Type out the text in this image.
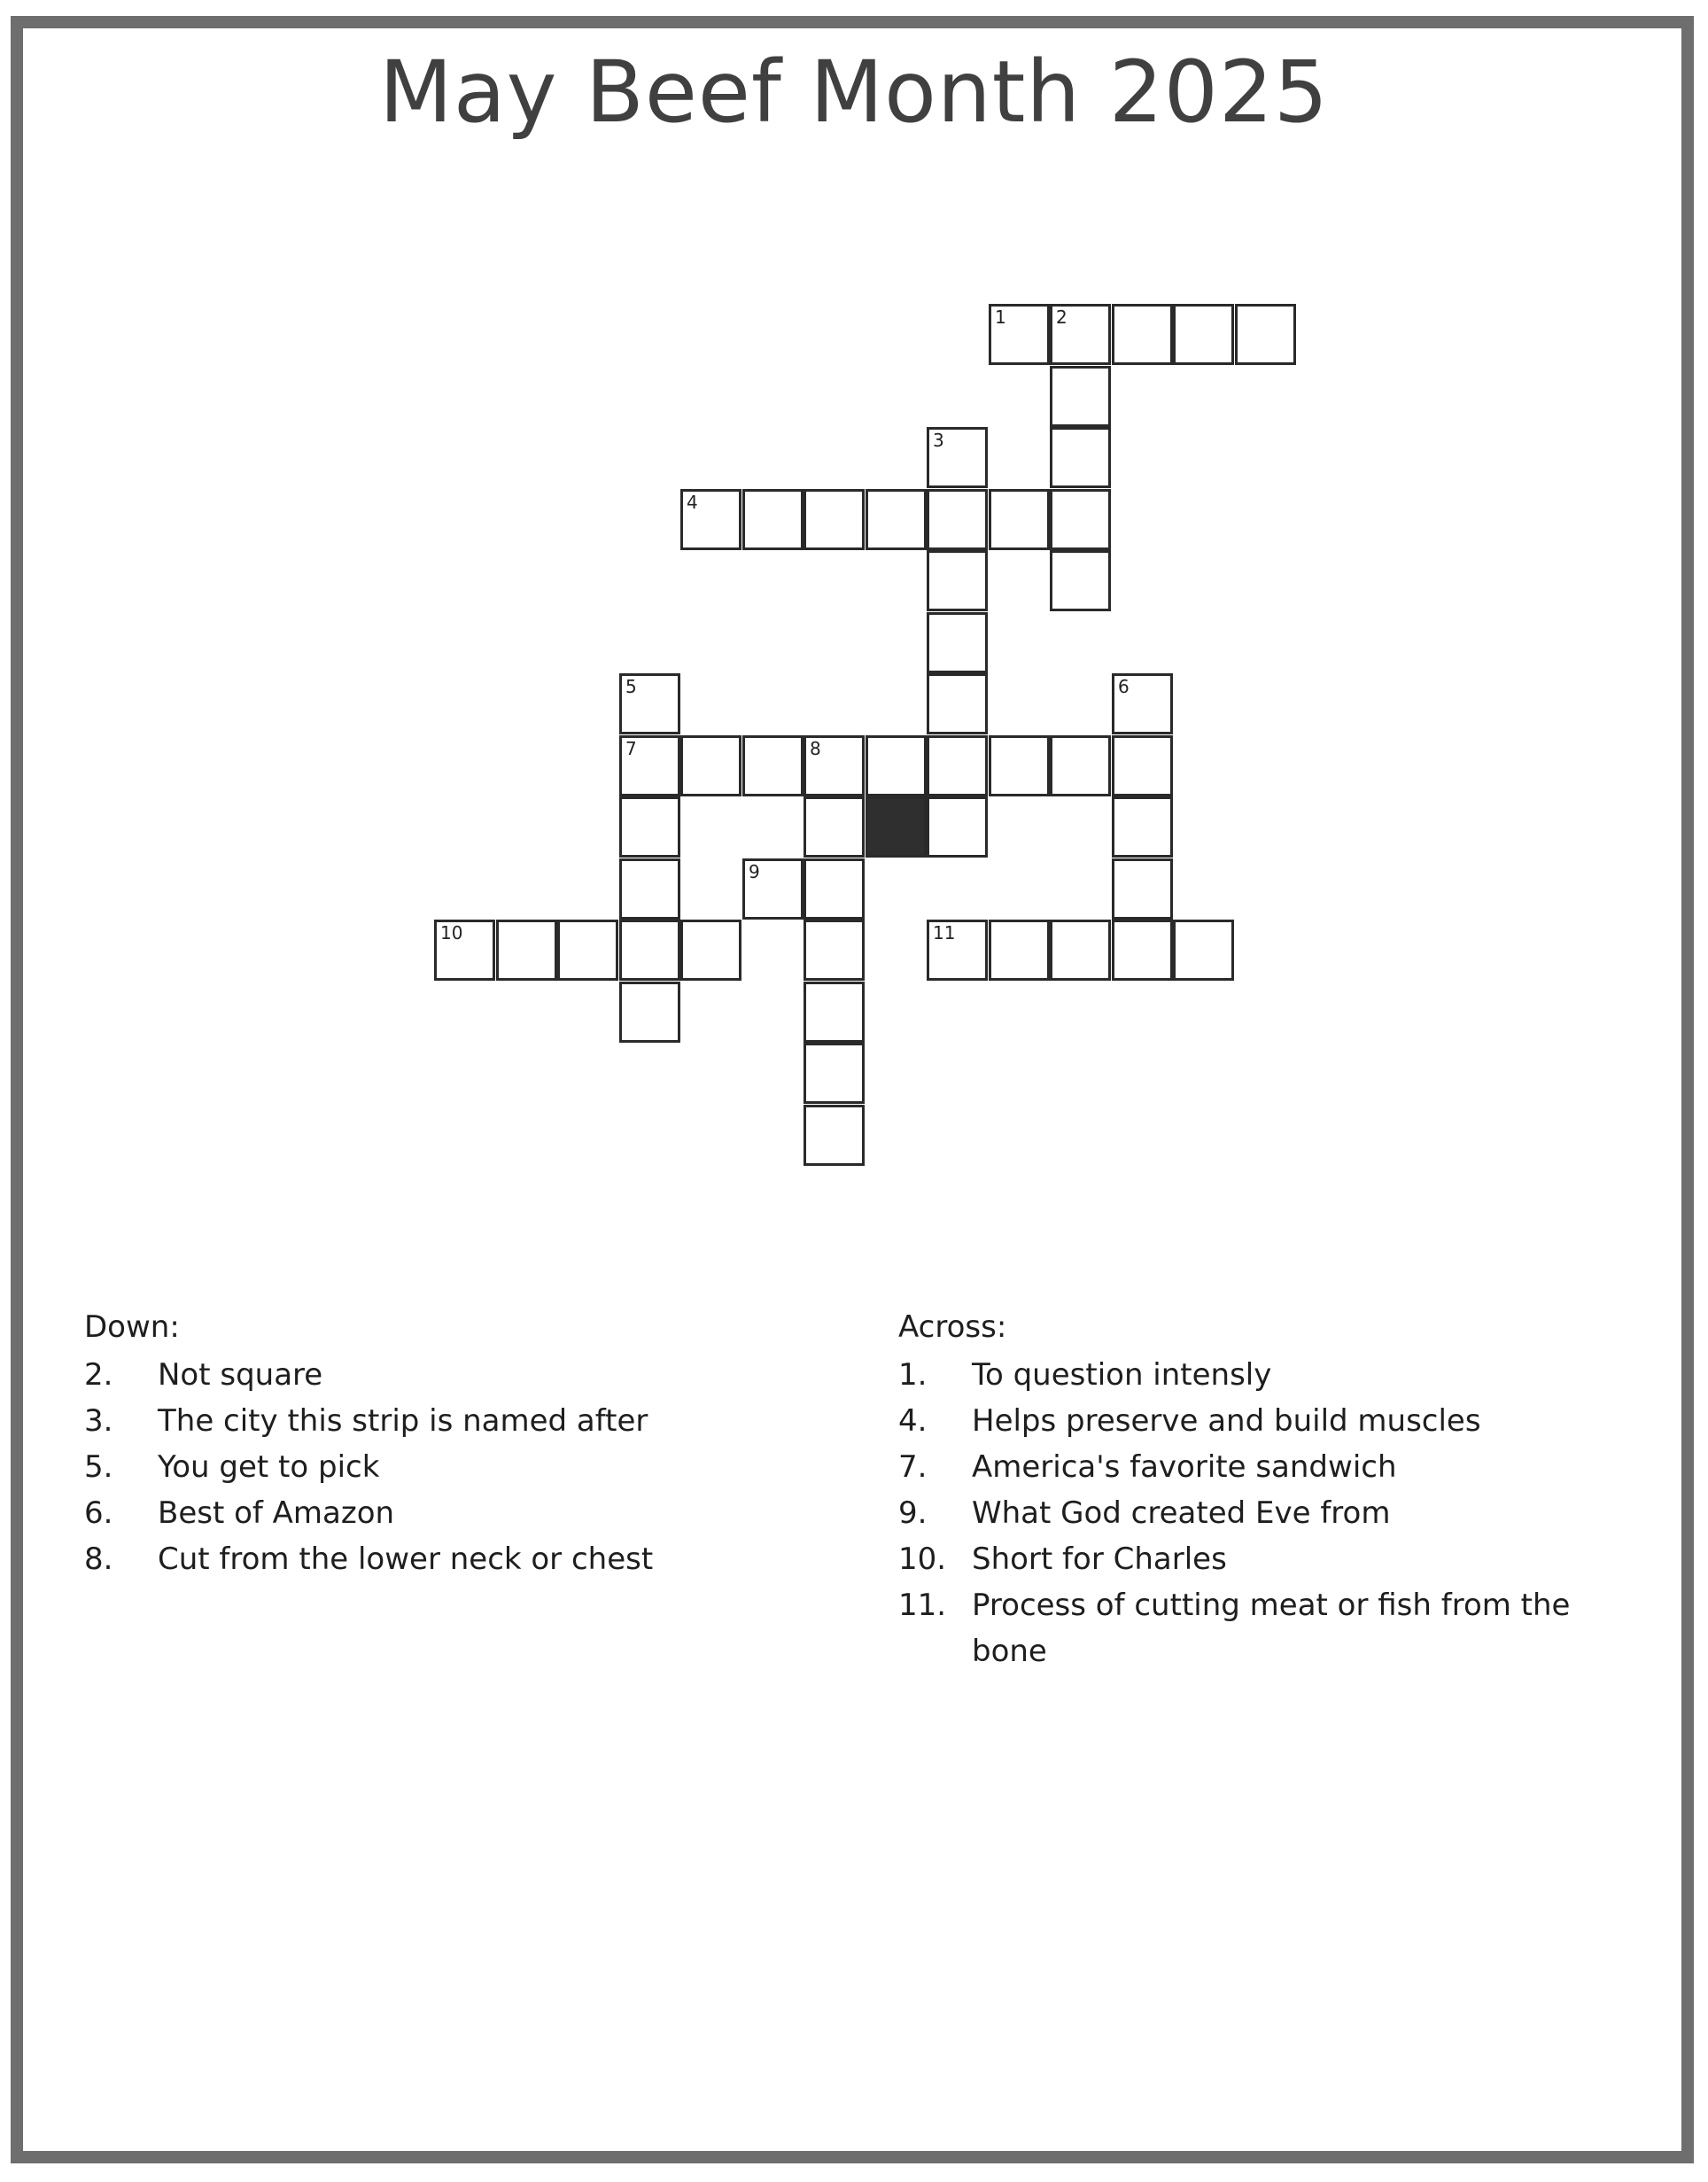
May Beef Month 2025
1	2
3
4
5	6
7	8
9
10	11
Down:
2. Not square
3. The city this strip is named after
5. You get to pick
6. Best of Amazon
8. Cut from the lower neck or chest
Across:
1. To question intensly
4. Helps preserve and build muscles
7. America's favorite sandwich
9. What God created Eve from
10. Short for Charles
11. Process of cutting meat or fish from the bone
